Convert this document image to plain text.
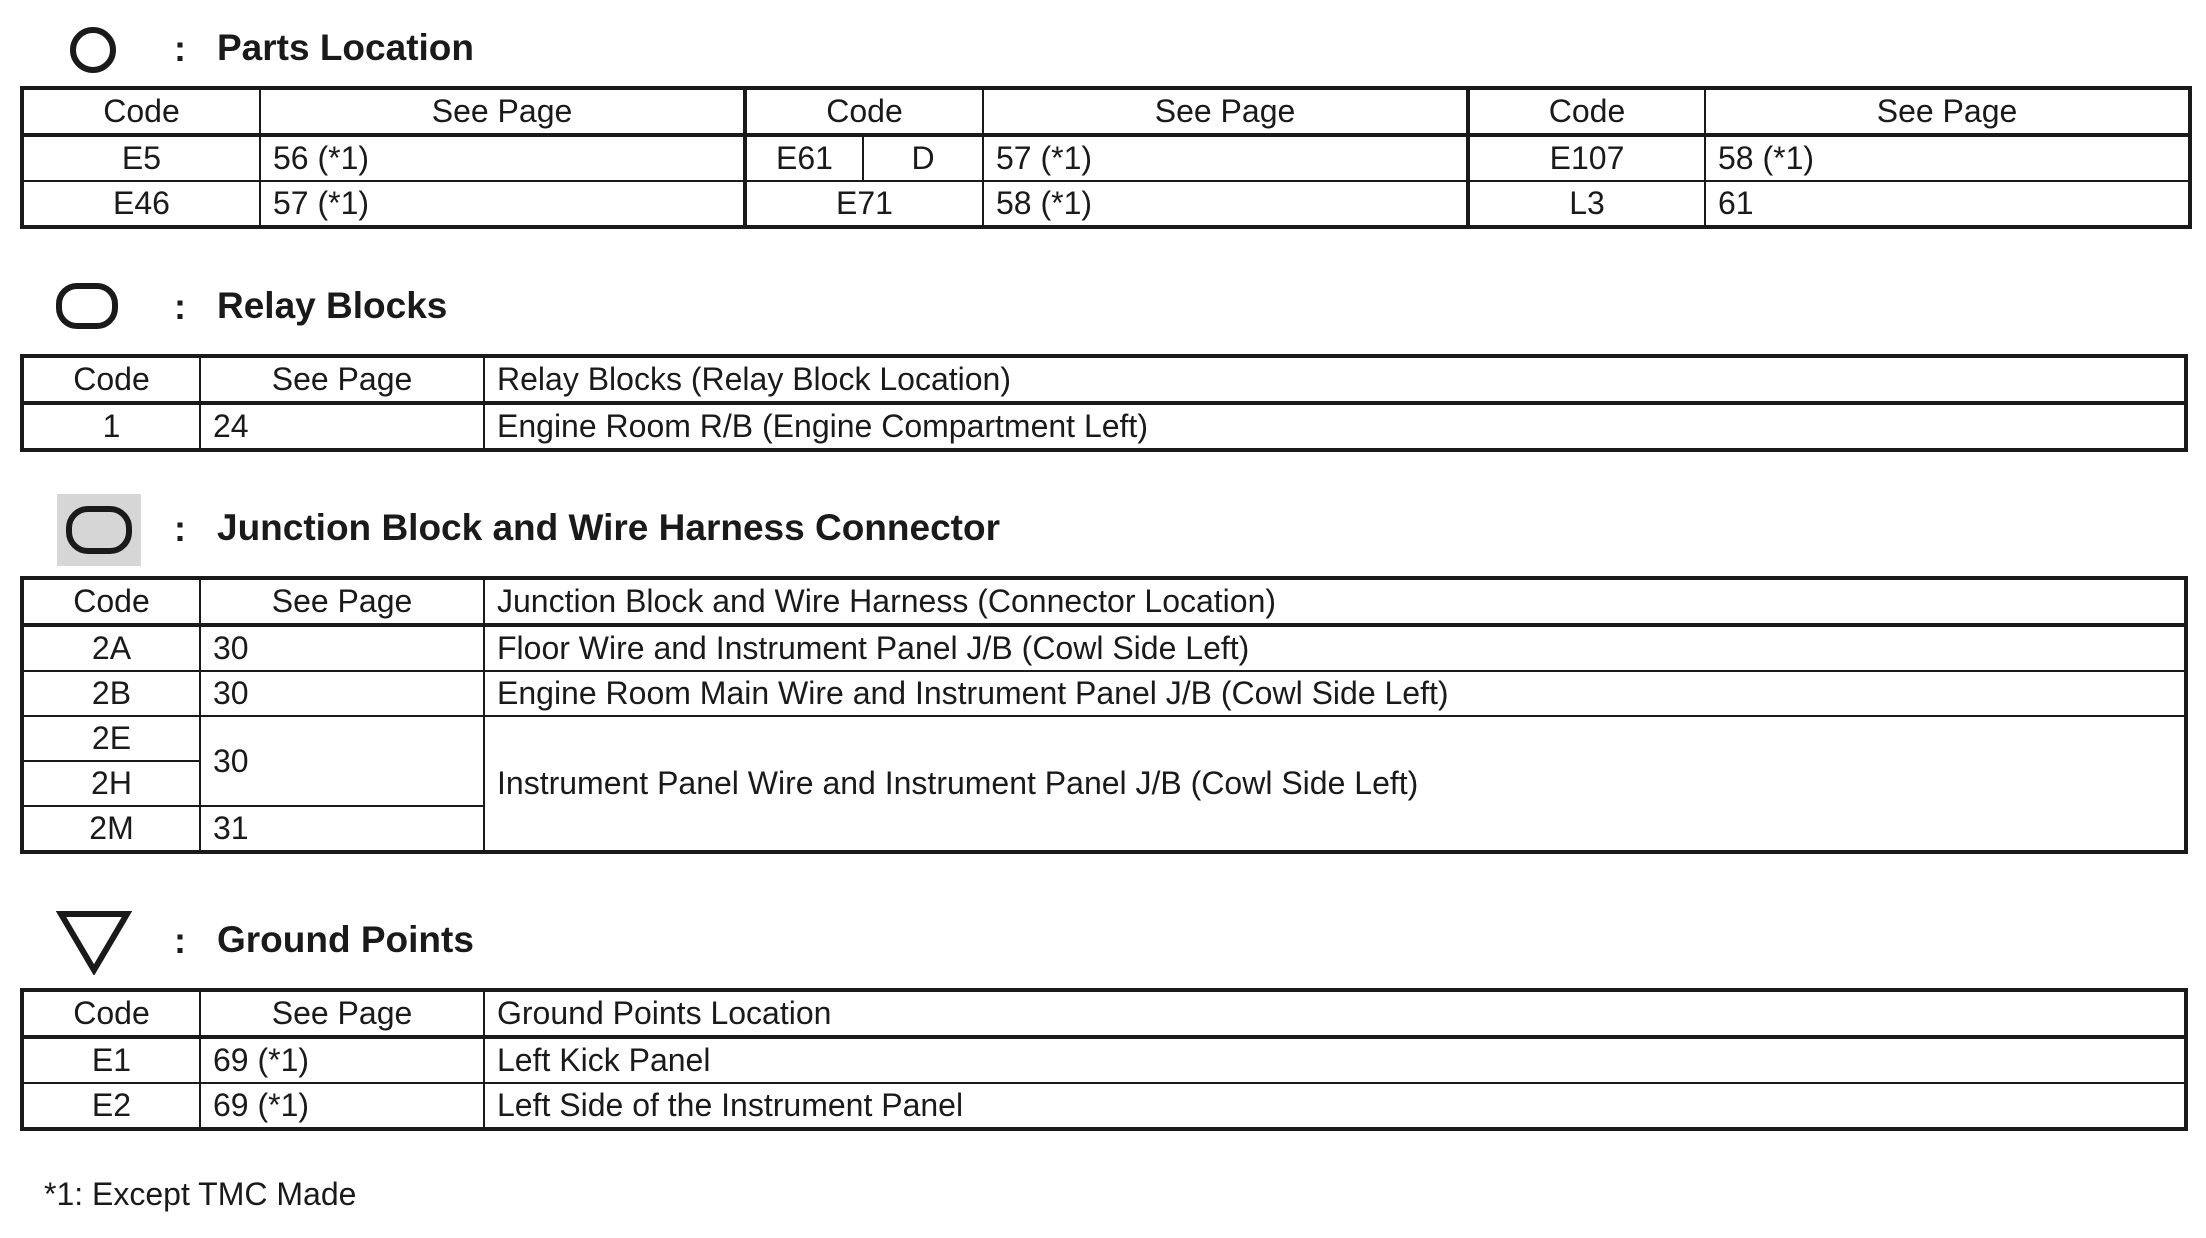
: Parts Location
Code	See Page	Code		See Page	Code	See Page
E5	56 (*1)	E61	D	57 (*1)	E107	58 (*1)
E46	57 (*1)	E71		58 (*1)	L3	61
: Relay Blocks
Code	See Page	Relay Blocks (Relay Block Location)
1	24	Engine Room R/B (Engine Compartment Left)
: Junction Block and Wire Harness Connector
Code	See Page	Junction Block and Wire Harness (Connector Location)
2A	30	Floor Wire and Instrument Panel J/B (Cowl Side Left)
2B	30	Engine Room Main Wire and Instrument Panel J/B (Cowl Side Left)
2E	30	Instrument Panel Wire and Instrument Panel J/B (Cowl Side Left)
2H		
2M	31	
: Ground Points
Code	See Page	Ground Points Location
E1	69 (*1)	Left Kick Panel
E2	69 (*1)	Left Side of the Instrument Panel
*1: Except TMC Made
